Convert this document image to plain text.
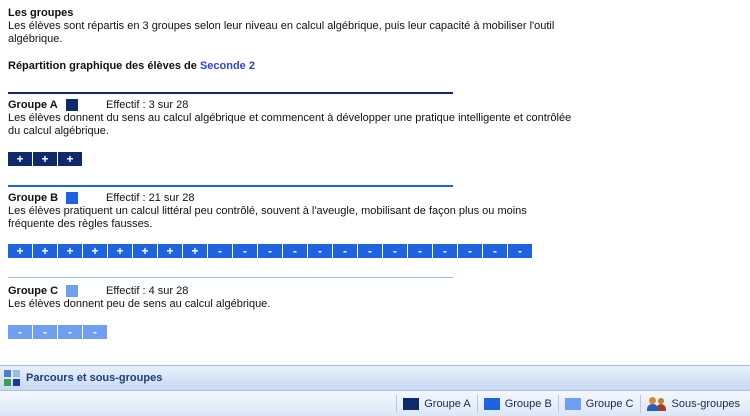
Les groupes
Les élèves sont répartis en 3 groupes selon leur niveau en calcul algébrique, puis leur capacité à mobiliser l'outil algébrique.
Répartition graphique des élèves de Seconde 2
Groupe A	Effectif : 3 sur 28
Les élèves donnent du sens au calcul algébrique et commencent à développer une pratique intelligente et contrôlée du calcul algébrique.
+	+	+
Groupe B	Effectif : 21 sur 28
Les élèves pratiquent un calcul littéral peu contrôlé, souvent à l'aveugle, mobilisant de façon plus ou moins fréquente des règles fausses.
+	+	+	+	+	+	+	+	-	-	-	-	-	-	-	-	-	-	-	-	-
Groupe C	Effectif : 4 sur 28
Les élèves donnent peu de sens au calcul algébrique.
-	-	-	-
Parcours et sous-groupes
Groupe A	Groupe B	Groupe C	Sous-groupes
